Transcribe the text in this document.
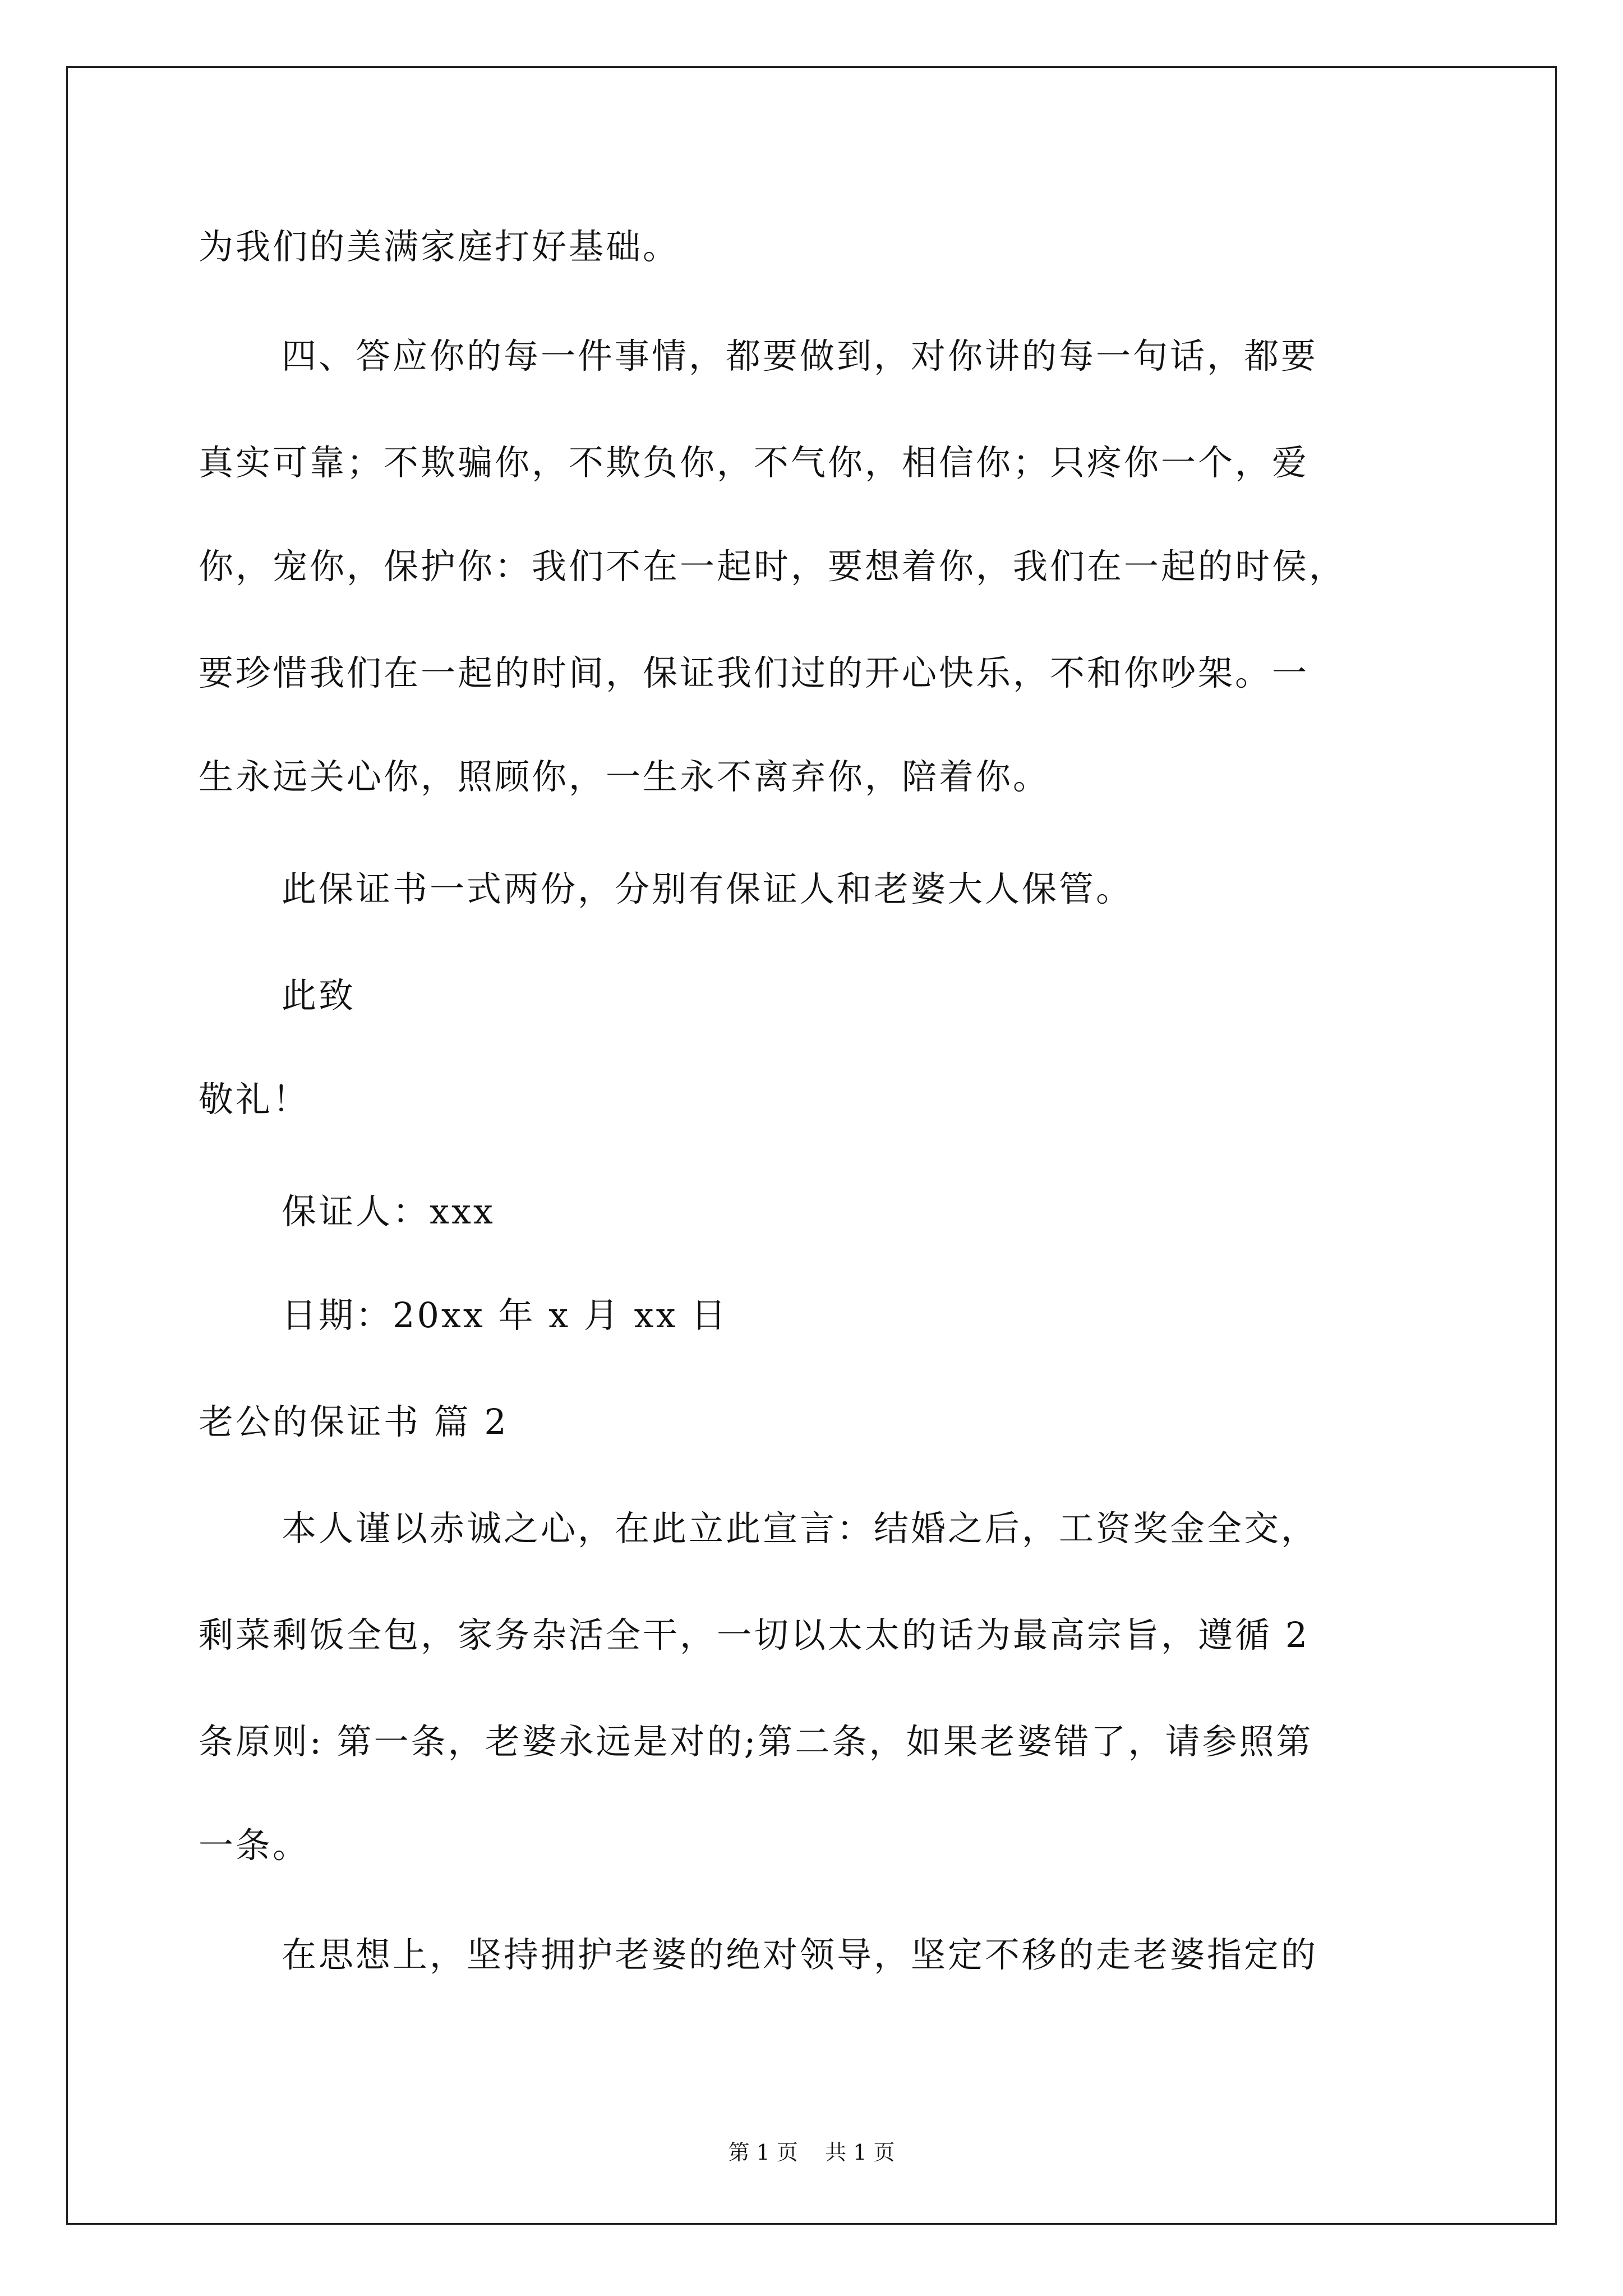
为我们的美满家庭打好基础。
四、答应你的每一件事情，都要做到，对你讲的每一句话，都要
真实可靠；不欺骗你，不欺负你，不气你，相信你；只疼你一个，爱
你，宠你，保护你：我们不在一起时，要想着你，我们在一起的时侯，
要珍惜我们在一起的时间，保证我们过的开心快乐，不和你吵架。一
生永远关心你，照顾你，一生永不离弃你，陪着你。
此保证书一式两份，分别有保证人和老婆大人保管。
此致
敬礼！
保证人：xxx
日期：20xx 年 x 月 xx 日
老公的保证书 篇 2
本人谨以赤诚之心，在此立此宣言：结婚之后，工资奖金全交，
剩菜剩饭全包，家务杂活全干，一切以太太的话为最高宗旨，遵循 2
条原则: 第一条，老婆永远是对的;第二条，如果老婆错了，请参照第
一条。
在思想上，坚持拥护老婆的绝对领导，坚定不移的走老婆指定的
第 1 页    共 1 页
